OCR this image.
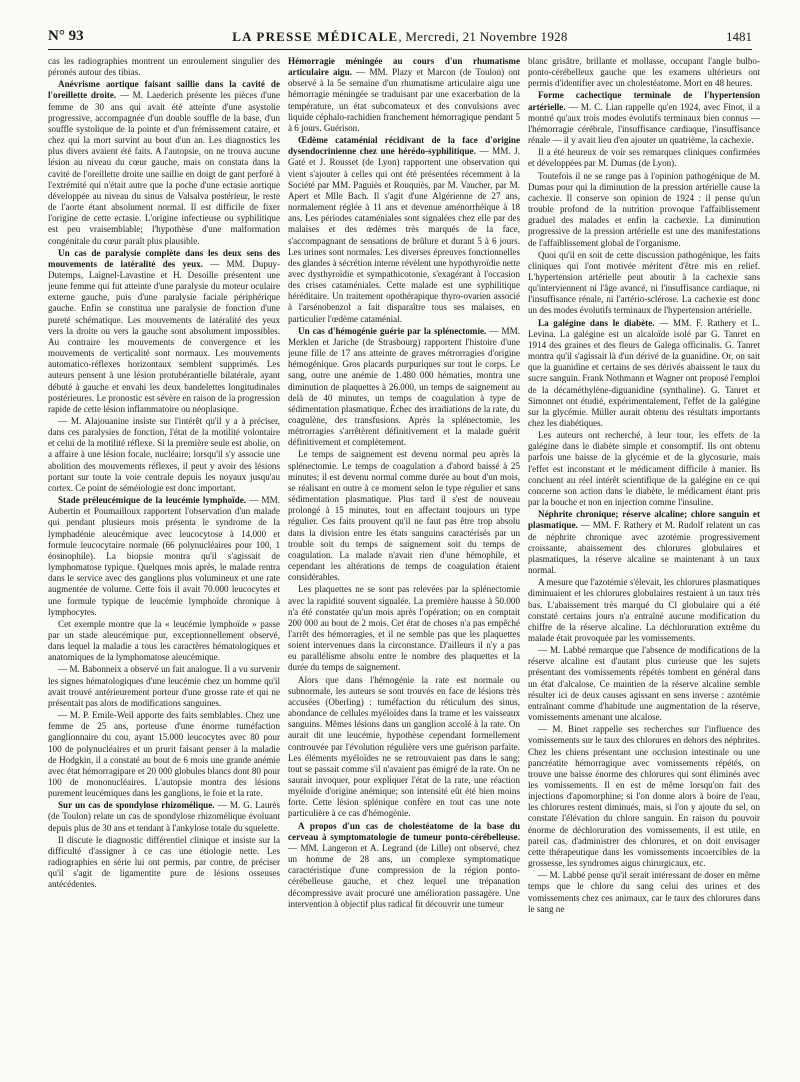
N° 93	LA PRESSE MÉDICALE, Mercredi, 21 Novembre 1928	1481

cas les radiographies montrent un enroulement singulier des péronés autour des tibias.

Anévrisme aortique faisant saillie dans la cavité de l'oreillette droite. — M. Laederich présente les pièces d'une femme de 30 ans qui avait été atteinte d'une asystolie progressive, accompagnée d'un double souffle de la base, d'un souffle systolique de la pointe et d'un frémissement cataire, et chez qui la mort survint au bout d'un an. Les diagnostics les plus divers avaient été faits. A l'autopsie, on ne trouva aucune lésion au niveau du cœur gauche, mais on constata dans la cavité de l'oreillette droite une saillie en doigt de gant perforé à l'extrémité qui n'était autre que la poche d'une ectasie aortique développée au niveau du sinus de Valsalva postérieur, le reste de l'aorte étant absolument normal. Il est difficile de fixer l'origine de cette ectasie. L'origine infectieuse ou syphilitique est peu vraisemblable; l'hypothèse d'une malformation congénitale du cœur paraît plus plausible.

Un cas de paralysie complète dans les deux sens des mouvements de latéralité des yeux. — MM. Dupuy-Dutemps, Laignel-Lavastine et H. Desoille présentent une jeune femme qui fut atteinte d'une paralysie du moteur oculaire externe gauche, puis d'une paralysie faciale périphérique gauche. Enfin se constitua une paralysie de fonction d'une pureté schématique. Les mouvements de latéralité des yeux vers la droite ou vers la gauche sont absolument impossibles. Au contraire les mouvements de convergence et les mouvements de verticalité sont normaux. Les mouvements automatico-réflexes horizontaux semblent supprimés. Les auteurs pensent à une lésion protubérantielle bilatérale, ayant débuté à gauche et envahi les deux bandelettes longitudinales postérieures. Le pronostic est sévère en raison de la progression rapide de cette lésion inflammatoire ou néoplasique.

— M. Alajouanine insiste sur l'intérêt qu'il y a à préciser, dans ces paralysies de fonction, l'état de la motilité volontaire et celui de la motilité réflexe. Si la première seule est abolie, on a affaire à une lésion focale, nucléaire; lorsqu'il s'y associe une abolition des mouvements réflexes, il peut y avoir des lésions portant sur toute la voie centrale depuis les noyaux jusqu'au cortex. Ce point de séméiologie est donc important.

Stade préleucémique de la leucémie lymphoïde. — MM. Aubertin et Poumailloux rapportent l'observation d'un malade qui pendant plusieurs mois présenta le syndrome de la lymphadénie aleucémique avec leucocytose à 14.000 et formule leucocytaire normale (66 polynucléaires pour 100, 1 éosinophile). La biopsie montra qu'il s'agissait de lymphomatose typique. Quelques mois après, le malade rentra dans le service avec des ganglions plus volumineux et une rate augmentée de volume. Cette fois il avait 70.000 leucocytes et une formule typique de leucémie lymphoïde chronique à lymphocytes.

Cet exemple montre que la « leucémie lymphoïde » passe par un stade aleucémique pur, exceptionnellement observé, dans lequel la maladie a tous les caractères hématologiques et anatomiques de la lymphomatose aleucémique.

— M. Babonneix a observé un fait analogue. Il a vu survenir les signes hématologiques d'une leucémie chez un homme qu'il avait trouvé antérieurement porteur d'une grosse rate et qui ne présentait pas alors de modifications sanguines.

— M. P. Emile-Weil apporte des faits semblables. Chez une femme de 25 ans, porteuse d'une énorme tuméfaction ganglionnaire du cou, ayant 15.000 leucocytes avec 80 pour 100 de polynucléaires et un prurit faisant penser à la maladie de Hodgkin, il a constaté au bout de 6 mois une grande anémie avec état hémorragipare et 20 000 globules blancs dont 80 pour 100 de mononucléaires. L'autopsie montra des lésions purement leucémiques dans les ganglions, le foie et la rate.

Sur un cas de spondylose rhizomélique. — M. G. Laurès (de Toulon) relate un cas de spondylose rhizomélique évoluant depuis plus de 30 ans et tendant à l'ankylose totale du squelette.

Il discute le diagnostic différentiel clinique et insiste sur la difficulté d'assigner à ce cas une étiologie nette. Les radiographies en série lui ont permis, par contre, de préciser qu'il s'agit de ligamentite pure de lésions osseuses antécédentes.

Hémorragie méningée au cours d'un rhumatisme articulaire aigu. — MM. Plazy et Marcon (de Toulon) ont observé à la 5e semaine d'un rhumatisme articulaire aigu une hémorragie méningée se traduisant par une exacerbation de la température, un état subcomateux et des convulsions avec liquide céphalo-rachidien franchement hémorragique pendant 5 à 6 jours. Guérison.

Œdème cataménial récidivant de la face d'origine dysendocrinienne chez une hérédo-syphilitique. — MM. J. Gaté et J. Rousset (de Lyon) rapportent une observation qui vient s'ajouter à celles qui ont été présentées récemment à la Société par MM. Paguiès et Rouquiès, par M. Vaucher, par M. Apert et Mlle Bach. Il s'agit d'une Algérienne de 27 ans, normalement réglée à 11 ans et devenue aménorrhéique à 18 ans. Les périodes cataméniales sont signalées chez elle par des malaises et des œdèmes très marqués de la face, s'accompagnant de sensations de brûlure et durant 5 à 6 jours. Les urines sont normales. Les diverses épreuves fonctionnelles des glandes à sécrétion interne révèlent une hypothyroïdie nette avec dysthyroïdie et sympathicotonie, s'exagérant à l'occasion des crises cataméniales. Cette malade est une syphilitique héréditaire. Un traitement opothérapique thyro-ovarien associé à l'arsénobenzol a fait disparaître tous ses malaises, en particulier l'œdème cataménial.

Un cas d'hémogénie guérie par la splénectomie. — MM. Merklen et Jariche (de Strasbourg) rapportent l'histoire d'une jeune fille de 17 ans atteinte de graves métrorragies d'origine hémogénique. Gros placards purpuriques sur tout le corps. Le sang, outre une anémie de 1.480 000 hématies, montra une diminution de plaquettes à 26.000, un temps de saignement au delà de 40 minutes, un temps de coagulation à type de sédimentation plasmatique. Échec des irradiations de la rate, du coagulène, des transfusions. Après la splénectomie, les métrorragies s'arrêtèrent définitivement et la malade guérit définitivement et complètement.

Le temps de saignement est devenu normal peu après la splénectomie. Le temps de coagulation a d'abord baissé à 25 minutes; il est devenu normal comme durée au bout d'un mois, se réalisant en outre à ce moment selon le type régulier et sans sédimentation plasmatique. Plus tard il s'est de nouveau prolongé à 15 minutes, tout en affectant toujours un type régulier. Ces faits prouvent qu'il ne faut pas être trop absolu dans la division entre les états sanguins caractérisés par un trouble soit du temps de saignement soit du temps de coagulation. La malade n'avait rien d'une hémophile, et cependant les altérations de temps de coagulation étaient considérables.

Les plaquettes ne se sont pas relevées par la splénectomie avec la rapidité souvent signalée. La première hausse à 50.000 n'a été constatée qu'un mois après l'opération; on en comptait 200 000 au bout de 2 mois. Cet état de choses n'a pas empêché l'arrêt des hémorragies, et il ne semble pas que les plaquettes soient intervenues dans la circonstance. D'ailleurs il n'y a pas eu parallélisme absolu entre le nombre des plaquettes et la durée du temps de saignement.

Alors que dans l'hémogénie la rate est normale ou subnormale, les auteurs se sont trouvés en face de lésions très accusées (Oberling) : tuméfaction du réticulum des sinus, abondance de cellules myéloïdes dans la trame et les vaisseaux sanguins. Mêmes lésions dans un ganglion accolé à la rate. On aurait dit une leucémie, hypothèse cependant formellement controuvée par l'évolution régulière vers une guérison parfaite. Les éléments myéloïdes ne se retrouvaient pas dans le sang; tout se passait comme s'il n'avaient pas émigré de la rate. On ne saurait invoquer, pour expliquer l'état de la rate, une réaction myéloïde d'origine anémique; son intensité eût été bien moins forte. Cette lésion splénique confère en tout cas une note particulière à ce cas d'hémogénie.

A propos d'un cas de cholestéatome de la base du cerveau à symptomatologie de tumeur ponto-cérébelleuse. — MM. Langeron et A. Legrand (de Lille) ont observé, chez un homme de 28 ans, un complexe symptomatique caractéristique d'une compression de la région ponto-cérébelleuse gauche, et chez lequel une trépanation décompressive avait procuré une amélioration passagère. Une intervention à objectif plus radical fit découvrir une tumeur

blanc grisâtre, brillante et mollasse, occupant l'angle bulbo-ponto-cérébelleux gauche que les examens ultérieurs ont permis d'identifier avec un cholestéatome. Mort en 48 heures.

Forme cachectique terminale de l'hypertension artérielle. — M. C. Lian rappelle qu'en 1924, avec Finot, il a montré qu'aux trois modes évolutifs terminaux bien connus — l'hémorragie cérébrale, l'insuffisance cardiaque, l'insuffisance rénale — il y avait lieu d'en ajouter un quatrième, la cachexie.

Il a été heureux de voir ses remarques cliniques confirmées et développées par M. Dumas (de Lyon).

Toutefois il ne se range pas à l'opinion pathogénique de M. Dumas pour qui la diminution de la pression artérielle cause la cachexie. Il conserve son opinion de 1924 : il pense qu'un trouble profond de la nutrition provoque l'affaiblissement graduel des malades et enfin la cachexie. La diminution progressive de la pression artérielle est une des manifestations de l'affaiblissement global de l'organisme.

Quoi qu'il en soit de cette discussion pathogénique, les faits cliniques qui l'ont motivée méritent d'être mis en relief. L'hypertension artérielle peut aboutir à la cachexie sans qu'interviennent ni l'âge avancé, ni l'insuffisance cardiaque, ni l'insuffisance rénale, ni l'artério-sclérose. La cachexie est donc un des modes évolutifs terminaux de l'hypertension artérielle.

La galégine dans le diabète. — MM. F. Rathery et L. Levina. La galégine est un alcaloïde isolé par G. Tanret en 1914 des graines et des fleurs de Galega officinalis. G. Tanret montra qu'il s'agissait là d'un dérivé de la guanidine. Or, on sait que la guanidine et certains de ses dérivés abaissent le taux du sucre sanguin. Frank Nothmann et Wagner ont proposé l'emploi de la décaméthylène-diguanidine (synthaline). G. Tanret et Simonnet ont étudié, expérimentalement, l'effet de la galégine sur la glycémie. Müller aurait obtenu des résultats importants chez les diabétiques.

Les auteurs ont recherché, à leur tour, les effets de la galégine dans le diabète simple et consomptif. Ils ont obtenu parfois une baisse de la glycémie et de la glycosurie, mais l'effet est inconstant et le médicament difficile à manier. Ils concluent au réel intérêt scientifique de la galégine en ce qui concerne son action dans le diabète, le médicament étant pris par la bouche et non en injection comme l'insuline.

Néphrite chronique; réserve alcaline; chlore sanguin et plasmatique. — MM. F. Rathery et M. Rudolf relatent un cas de néphrite chronique avec azotémie progressivement croissante, abaissement des chlorures globulaires et plasmatiques, la réserve alcaline se maintenant à un taux normal.

A mesure que l'azotémie s'élevait, les chlorures plasmatiques diminuaient et les chlorures globulaires restaient à un taux très bas. L'abaissement très marqué du Cl globulaire qui a été constaté certains jours n'a entraîné aucune modification du chiffre de la réserve alcaline. La déchloruration extrême du malade était provoquée par les vomissements.

— M. Labbé remarque que l'absence de modifications de la réserve alcaline est d'autant plus curieuse que les sujets présentant des vomissements répétés tombent en général dans un état d'alcalose. Ce maintien de la réserve alcaline semble résulter ici de deux causes agissant en sens inverse : azotémie entraînant comme d'habitude une augmentation de la réserve, vomissements amenant une alcalose.

— M. Binet rappelle ses recherches sur l'influence des vomissements sur le taux des chlorures en dehors des néphrites. Chez les chiens présentant une occlusion intestinale ou une pancréatite hémorragique avec vomissements répétés, on trouve une baisse énorme des chlorures qui sont éliminés avec les vomissements. Il en est de même lorsqu'on fait des injections d'apomorphine; si l'on donne alors à boire de l'eau, les chlorures restent diminués, mais, si l'on y ajoute du sel, on constate l'élévation du chlore sanguin. En raison du pouvoir énorme de déchloruration des vomissements, il est utile, en pareil cas, d'administrer des chlorures, et on doit envisager cette thérapeutique dans les vomissements incoercibles de la grossesse, les syndromes aigus chirurgicaux, etc.

— M. Labbé pense qu'il serait intéressant de doser en même temps que le chlore du sang celui des urines et des vomissements chez ces animaux, car le taux des chlorures dans le sang ne
